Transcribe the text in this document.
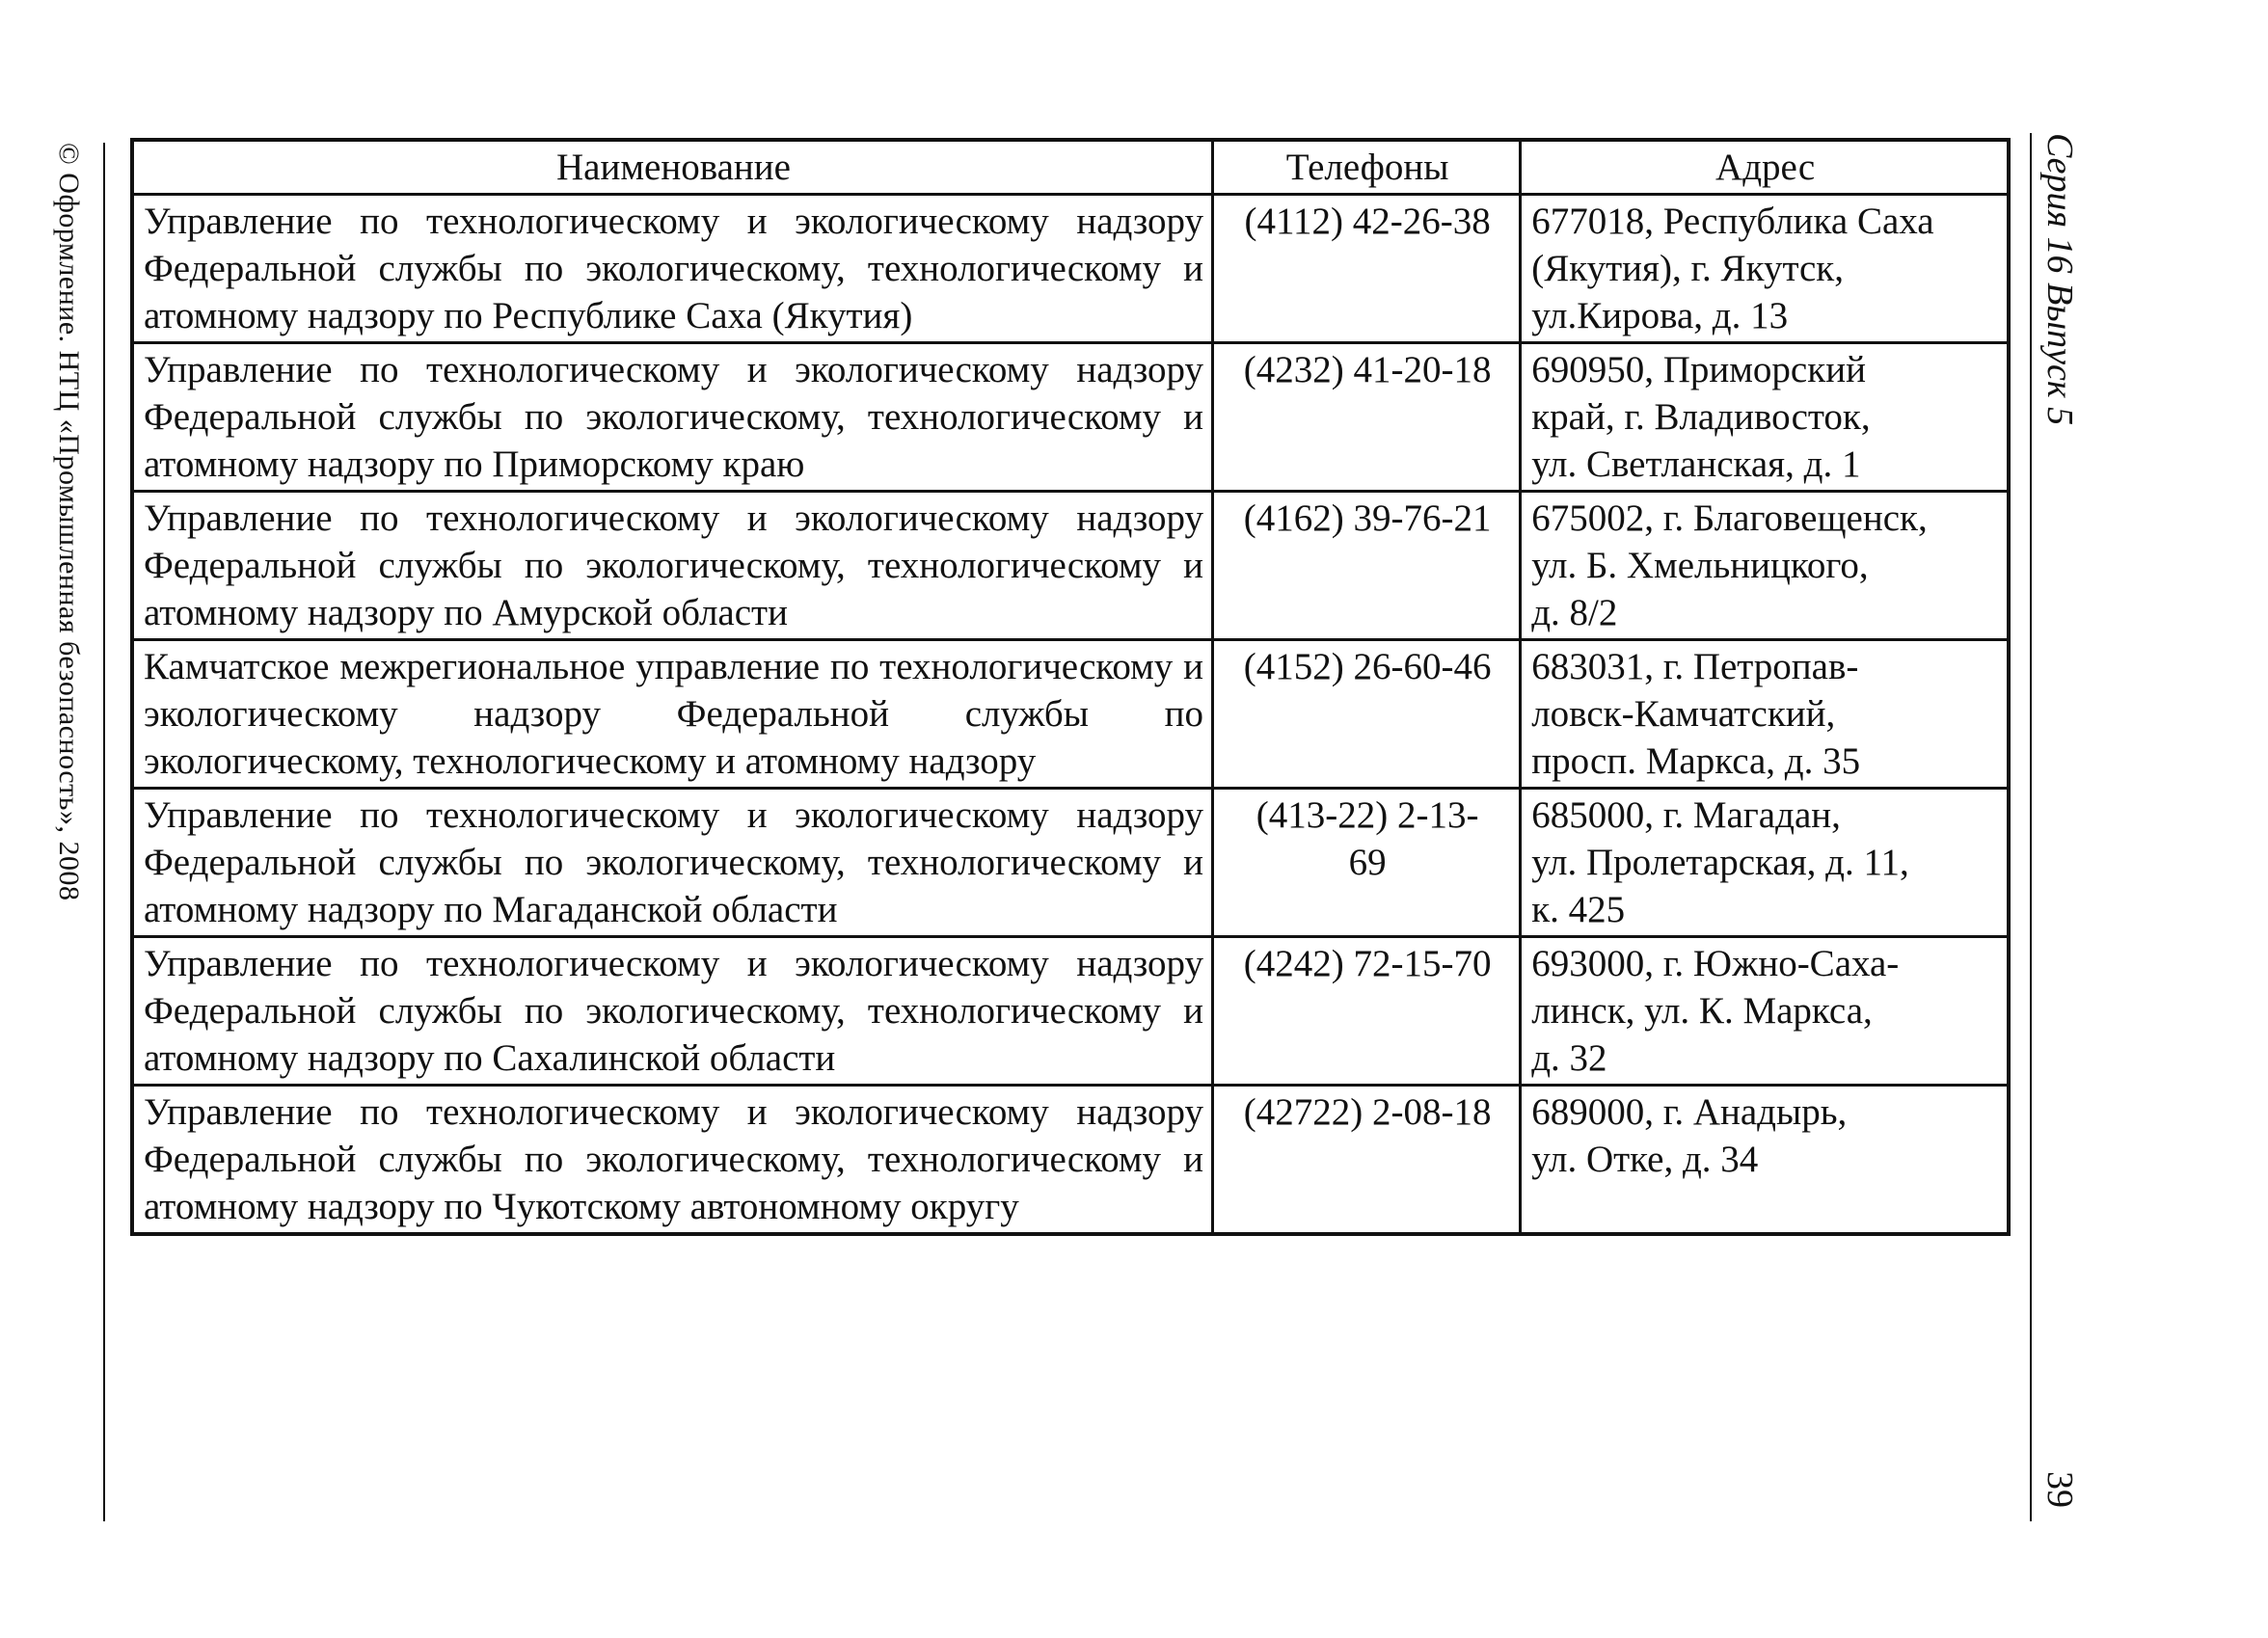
© Оформление. НТЦ «Промышленная безопасность», 2008	Серия 16 Выпуск 5
39
Наименование	Телефоны	Адрес
Управление по технологическому и экологическому надзору Федеральной службы по экологическому, технологическому и атомному надзору по Республике Саха (Якутия)	(4112) 42-26-38	677018, Республика Саха
(Якутия), г. Якутск,
ул.Кирова, д. 13
Управление по технологическому и экологическому надзору Федеральной службы по экологическому, технологическому и атомному надзору по Приморскому краю	(4232) 41-20-18	690950, Приморский
край, г. Владивосток,
ул. Светланская, д. 1
Управление по технологическому и экологическому надзору Федеральной службы по экологическому, технологическому и атомному надзору по Амурской области	(4162) 39-76-21	675002, г. Благовещенск,
ул. Б. Хмельницкого,
д. 8/2
Камчатское межрегиональное управление по технологическому и экологическому надзору Федеральной службы по экологическому, технологическому и атомному надзору	(4152) 26-60-46	683031, г. Петропав-
ловск-Камчатский,
просп. Маркса, д. 35
Управление по технологическому и экологическому надзору Федеральной службы по экологическому, технологическому и атомному надзору по Магаданской области	(413-22) 2-13-
69	685000, г. Магадан,
ул. Пролетарская, д. 11,
к. 425
Управление по технологическому и экологическому надзору Федеральной службы по экологическому, технологическому и атомному надзору по Сахалинской области	(4242) 72-15-70	693000, г. Южно-Саха-
линск, ул. К. Маркса,
д. 32
Управление по технологическому и экологическому надзору Федеральной службы по экологическому, технологическому и атомному надзору по Чукотскому автономному округу	(42722) 2-08-18	689000, г. Анадырь,
ул. Отке, д. 34
